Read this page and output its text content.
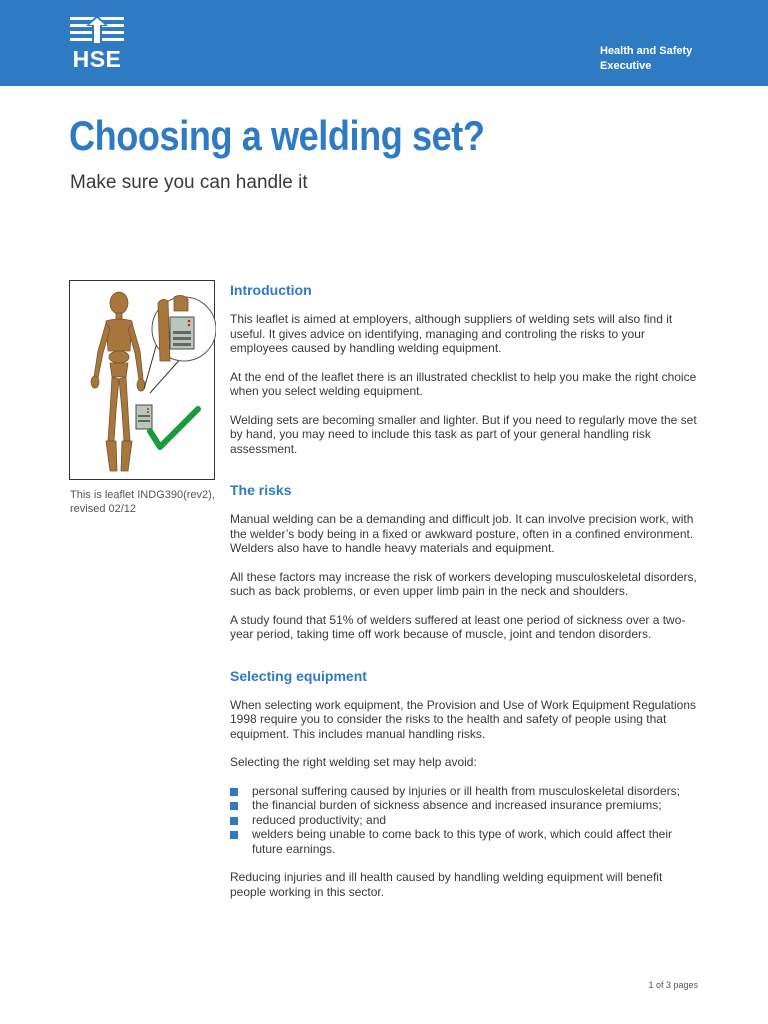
HSE	Health and Safety
Executive
Choosing a welding set?
Make sure you can handle it
This is leaflet INDG390(rev2), revised 02/12
Introduction

This leaflet is aimed at employers, although suppliers of welding sets will also find it useful. It gives advice on identifying, managing and controling the risks to your employees caused by handling welding equipment.

At the end of the leaflet there is an illustrated checklist to help you make the right choice when you select welding equipment.

Welding sets are becoming smaller and lighter. But if you need to regularly move the set by hand, you may need to include this task as part of your general handling risk assessment.

The risks

Manual welding can be a demanding and difficult job. It can involve precision work, with the welder’s body being in a fixed or awkward posture, often in a confined environment. Welders also have to handle heavy materials and equipment.

All these factors may increase the risk of workers developing musculoskeletal disorders, such as back problems, or even upper limb pain in the neck and shoulders.

A study found that 51% of welders suffered at least one period of sickness over a two-year period, taking time off work because of muscle, joint and tendon disorders.

Selecting equipment

When selecting work equipment, the Provision and Use of Work Equipment Regulations 1998 require you to consider the risks to the health and safety of people using that equipment. This includes manual handling risks.

Selecting the right welding set may help avoid:

personal suffering caused by injuries or ill health from musculoskeletal disorders;
the financial burden of sickness absence and increased insurance premiums;
reduced productivity; and
welders being unable to come back to this type of work, which could affect their future earnings.

Reducing injuries and ill health caused by handling welding equipment will benefit people working in this sector.

1 of 3 pages
